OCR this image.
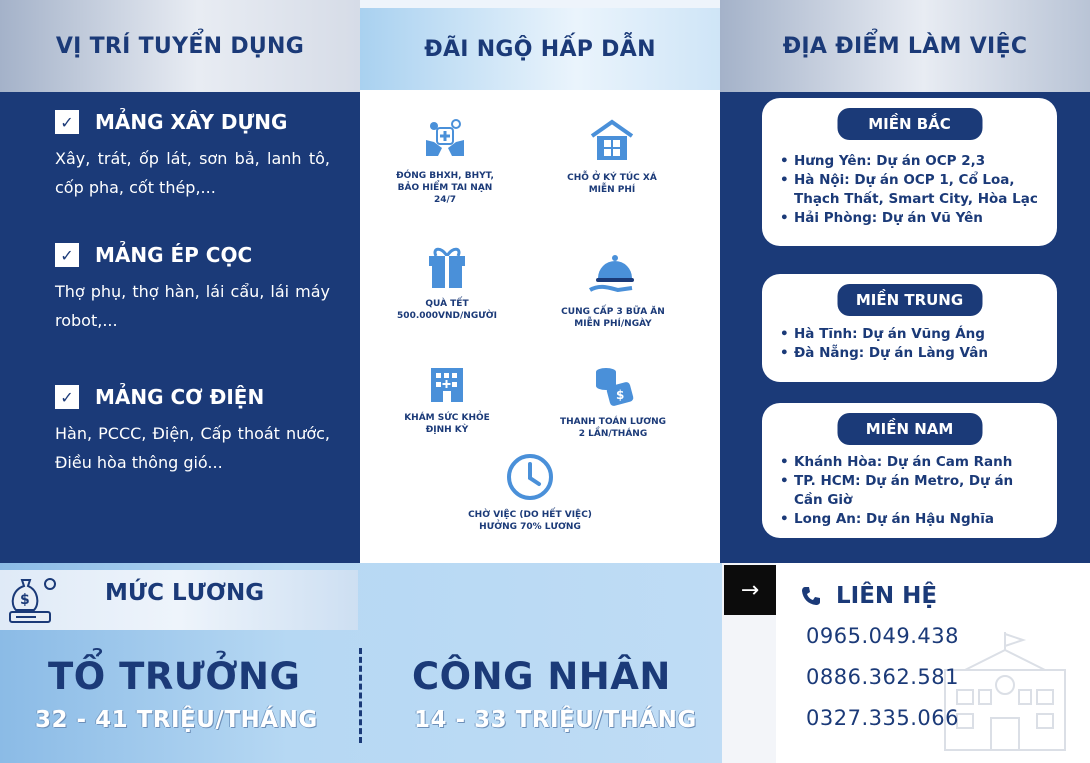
VỊ TRÍ TUYỂN DỤNG
✓ MẢNG XÂY DỰNG
Xây, trát, ốp lát, sơn bả, lanh tô, cốp pha, cốt thép,...
✓ MẢNG ÉP CỌC
Thợ phụ, thợ hàn, lái cẩu, lái máy robot,...
✓ MẢNG CƠ ĐIỆN
Hàn, PCCC, Điện, Cấp thoát nước, Điều hòa thông gió...
ĐÃI NGỘ HẤP DẪN
ĐÓNG BHXH, BHYT,
BẢO HIỂM TAI NẠN
24/7
CHỖ Ở KÝ TÚC XÁ
MIỄN PHÍ
QUÀ TẾT
500.000VND/NGƯỜI	CUNG CẤP 3 BỮA ĂN
MIỄN PHÍ/NGÀY
KHÁM SỨC KHỎE
ĐỊNH KỲ
$
THANH TOÁN LƯƠNG
2 LẦN/THÁNG
CHỜ VIỆC (DO HẾT VIỆC)
HƯỞNG 70% LƯƠNG
ĐỊA ĐIỂM LÀM VIỆC
MIỀN BẮC
• Hưng Yên: Dự án OCP 2,3
• Hà Nội: Dự án OCP 1, Cổ Loa, Thạch Thất, Smart City, Hòa Lạc
• Hải Phòng: Dự án Vũ Yên
MIỀN TRUNG
• Hà Tĩnh: Dự án Vũng Áng
• Đà Nẵng: Dự án Làng Vân
MIỀN NAM
• Khánh Hòa: Dự án Cam Ranh
• TP. HCM: Dự án Metro, Dự án Cần Giờ
• Long An: Dự án Hậu Nghĩa
$	MỨC LƯƠNG
TỔ TRƯỞNG
32 - 41 TRIỆU/THÁNG
CÔNG NHÂN
14 - 33 TRIỆU/THÁNG
→	LIÊN HỆ
0965.049.438
0886.362.581
0327.335.066
